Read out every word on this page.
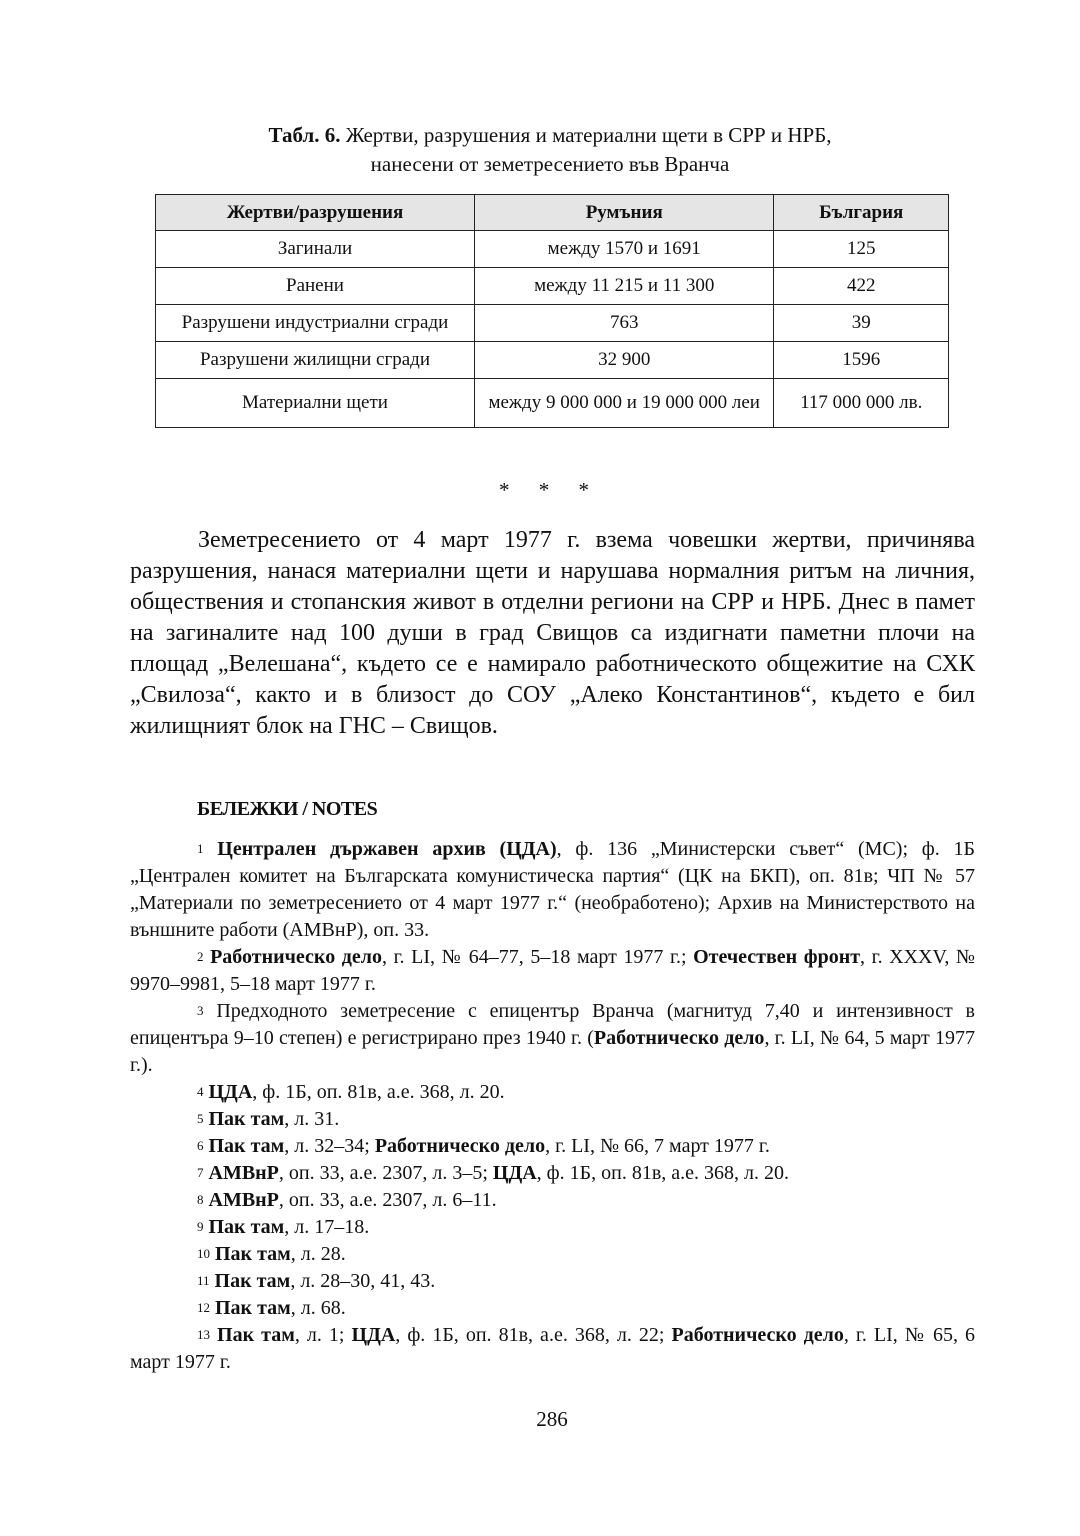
Табл. 6. Жертви, разрушения и материални щети в СРР и НРБ,
нанесени от земетресението във Вранча
Жертви/разрушения	Румъния	България
Загинали	между 1570 и 1691	125
Ранени	между 11 215 и 11 300	422
Разрушени индустриални сгради	763	39
Разрушени жилищни сгради	32 900	1596
Материални щети	между 9 000 000 и 19 000 000 леи	117 000 000 лв.
* * *

Земетресението от 4 март 1977 г. взема човешки жертви, причинява разрушения, нанася материални щети и нарушава нормалния ритъм на личния, обществения и стопанския живот в отделни региони на СРР и НРБ. Днес в памет на загиналите над 100 души в град Свищов са издигнати паметни плочи на площад „Велешана“, където се е намирало работническото общежитие на СХК „Свилоза“, както и в близост до СОУ „Алеко Константинов“, където е бил жилищният блок на ГНС – Свищов.

БЕЛЕЖКИ / NOTES

$^1$ Централен държавен архив (ЦДА), ф. 136 „Министерски съвет“ (МС); ф. 1Б „Централен комитет на Българската комунистическа партия“ (ЦК на БКП), оп. 81в; ЧП № 57 „Материали по земетресението от 4 март 1977 г.“ (необработено); Архив на Министерството на външните работи (АМВнР), оп. 33.

$^2$ Работническо дело, г. LI, № 64–77, 5–18 март 1977 г.; Отечествен фронт, г. XXXV, № 9970–9981, 5–18 март 1977 г.

$^3$ Предходното земетресение с епицентър Вранча (магнитуд 7,40 и интензивност в епицентъра 9–10 степен) е регистрирано през 1940 г. (Работническо дело, г. LI, № 64, 5 март 1977 г.).

$^4$ ЦДА, ф. 1Б, оп. 81в, а.е. 368, л. 20.

$^5$ Пак там, л. 31.

$^6$ Пак там, л. 32–34; Работническо дело, г. LI, № 66, 7 март 1977 г.

$^7$ АМВнР, оп. 33, а.е. 2307, л. 3–5; ЦДА, ф. 1Б, оп. 81в, а.е. 368, л. 20.

$^8$ АМВнР, оп. 33, а.е. 2307, л. 6–11.

$^9$ Пак там, л. 17–18.

$^{10}$ Пак там, л. 28.

$^{11}$ Пак там, л. 28–30, 41, 43.

$^{12}$ Пак там, л. 68.

$^{13}$ Пак там, л. 1; ЦДА, ф. 1Б, оп. 81в, а.е. 368, л. 22; Работническо дело, г. LI, № 65, 6 март 1977 г.

286
